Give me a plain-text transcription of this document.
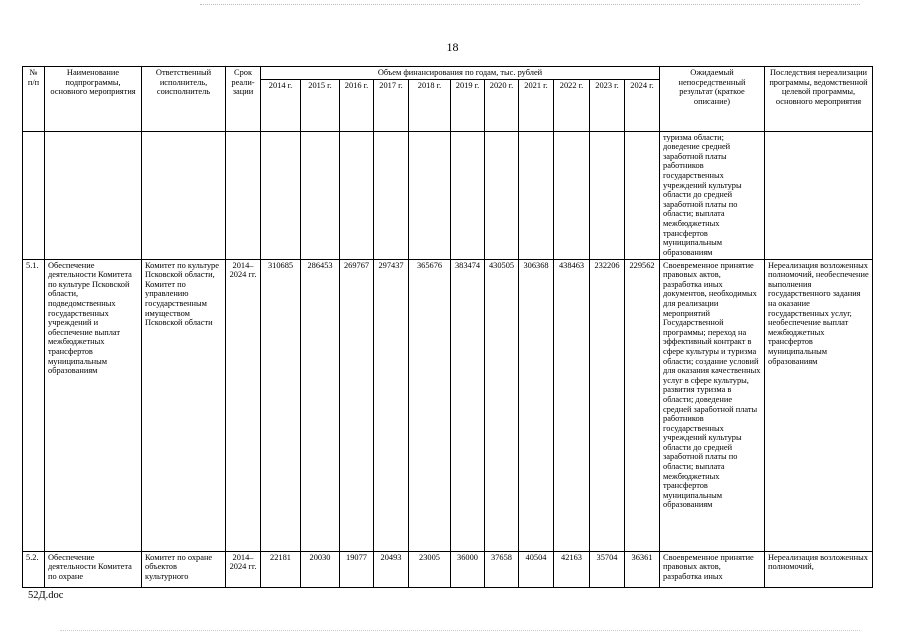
18
№ п/п	Наименование подпрограммы, основного мероприятия	Ответственный исполнитель, соисполнитель	Срок реали-зации	Объем финансирования по годам, тыс. рублей											Ожидаемый непосредственный результат (краткое описание)	Последствия нереализации программы, ведомственной целевой программы, основного мероприятия
				2014 г.	2015 г.	2016 г.	2017 г.	2018 г.	2019 г.	2020 г.	2021 г.	2022 г.	2023 г.	2024 г.		
															туризма области; доведение средней заработной платы работников государственных учреждений культуры области до средней заработной платы по области; выплата межбюджетных трансфертов муниципальным образованиям	
5.1.	Обеспечение деятельности Комитета по культуре Псковской области, подведомственных государственных учреждений и обеспечение выплат межбюджетных трансфертов муниципальным образованиям	Комитет по культуре Псковской области, Комитет по управлению государственным имуществом Псковской области	2014–2024 гг.	310685	286453	269767	297437	365676	383474	430505	306368	438463	232206	229562	Своевременное принятие правовых актов, разработка иных документов, необходимых для реализации мероприятий Государственной программы; переход на эффективный контракт в сфере культуры и туризма области; создание условий для оказания качественных услуг в сфере культуры, развития туризма в области; доведение средней заработной платы работников государственных учреждений культуры области до средней заработной платы по области; выплата межбюджетных трансфертов муниципальным образованиям	Нереализация возложенных полномочий, необеспечение выполнения государственного задания на оказание государственных услуг, необеспечение выплат межбюджетных трансфертов муниципальным образованиям
5.2.	Обеспечение деятельности Комитета по охране	Комитет по охране объектов культурного	2014–2024 гг.	22181	20030	19077	20493	23005	36000	37658	40504	42163	35704	36361	Своевременное принятие правовых актов, разработка иных	Нереализация возложенных полномочий,
52Д.doc
